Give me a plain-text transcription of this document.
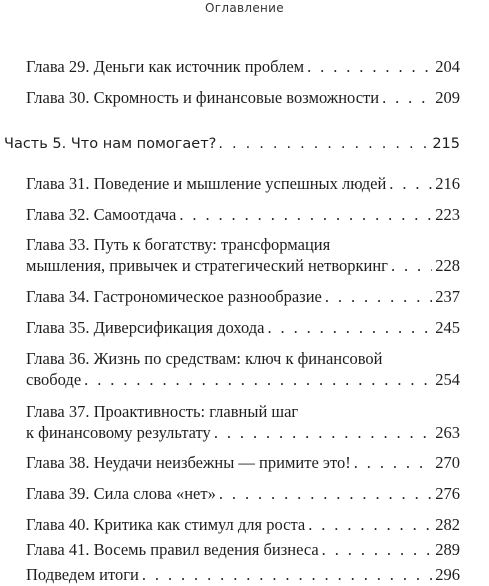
Оглавление
Глава 29. Деньги как источник проблем . . .	204
Глава 30. Скромность и финансовые возможности . . .	209
Часть 5. Что нам помогает? . . .	215
Глава 31. Поведение и мышление успешных людей . . .	216
Глава 32. Самоотдача . . .	223
Глава 33. Путь к богатству: трансформация
мышления, привычек и стратегический нетворкинг . . .	228
Глава 34. Гастрономическое разнообразие . . .	237
Глава 35. Диверсификация дохода . . .	245
Глава 36. Жизнь по средствам: ключ к финансовой
свободе . . .	254
Глава 37. Проактивность: главный шаг
к финансовому результату . . .	263
Глава 38. Неудачи неизбежны — примите это! . . .	270
Глава 39. Сила слова «нет» . . .	276
Глава 40. Критика как стимул для роста . . .	282
Глава 41. Восемь правил ведения бизнеса . . .	289
Подведем итоги . . .	296
